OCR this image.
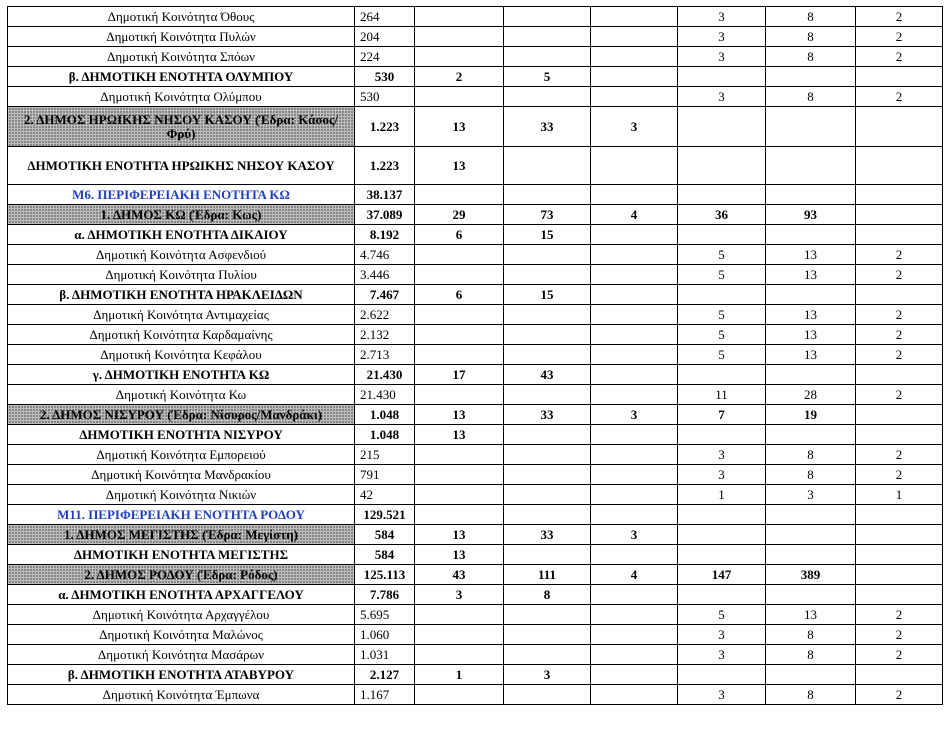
Δημοτική Κοινότητα Όθους	264				3	8	2
Δημοτική Κοινότητα Πυλών	204				3	8	2
Δημοτική Κοινότητα Σπόων	224				3	8	2
β. ΔΗΜΟΤΙΚΗ ΕΝΟΤΗΤΑ ΟΛΥΜΠΟΥ	530	2	5				
Δημοτική Κοινότητα Ολύμπου	530				3	8	2
2. ΔΗΜΟΣ ΗΡΩΙΚΗΣ ΝΗΣΟΥ ΚΑΣΟΥ (Έδρα: Κάσος/Φρύ)	1.223	13	33	3			
ΔΗΜΟΤΙΚΗ ΕΝΟΤΗΤΑ ΗΡΩΙΚΗΣ ΝΗΣΟΥ ΚΑΣΟΥ	1.223	13					
Μ6. ΠΕΡΙΦΕΡΕΙΑΚΗ ΕΝΟΤΗΤΑ ΚΩ	38.137						
1. ΔΗΜΟΣ ΚΩ (Έδρα: Κως)	37.089	29	73	4	36	93	
α. ΔΗΜΟΤΙΚΗ ΕΝΟΤΗΤΑ ΔΙΚΑΙΟΥ	8.192	6	15				
Δημοτική Κοινότητα Ασφενδιού	4.746				5	13	2
Δημοτική Κοινότητα Πυλίου	3.446				5	13	2
β. ΔΗΜΟΤΙΚΗ ΕΝΟΤΗΤΑ ΗΡΑΚΛΕΙΔΩΝ	7.467	6	15				
Δημοτική Κοινότητα Αντιμαχείας	2.622				5	13	2
Δημοτική Κοινότητα Καρδαμαίνης	2.132				5	13	2
Δημοτική Κοινότητα Κεφάλου	2.713				5	13	2
γ. ΔΗΜΟΤΙΚΗ ΕΝΟΤΗΤΑ ΚΩ	21.430	17	43				
Δημοτική Κοινότητα Κω	21.430				11	28	2
2. ΔΗΜΟΣ ΝΙΣΥΡΟΥ (Έδρα: Νίσυρος/Μανδράκι)	1.048	13	33	3	7	19	
ΔΗΜΟΤΙΚΗ ΕΝΟΤΗΤΑ ΝΙΣΥΡΟΥ	1.048	13					
Δημοτική Κοινότητα Εμπορειού	215				3	8	2
Δημοτική Κοινότητα Μανδρακίου	791				3	8	2
Δημοτική Κοινότητα Νικιών	42				1	3	1
Μ11. ΠΕΡΙΦΕΡΕΙΑΚΗ ΕΝΟΤΗΤΑ ΡΟΔΟΥ	129.521						
1. ΔΗΜΟΣ ΜΕΓΙΣΤΗΣ (Έδρα: Μεγίστη)	584	13	33	3			
ΔΗΜΟΤΙΚΗ ΕΝΟΤΗΤΑ ΜΕΓΙΣΤΗΣ	584	13					
2. ΔΗΜΟΣ ΡΟΔΟΥ (Έδρα: Ρόδος)	125.113	43	111	4	147	389	
α. ΔΗΜΟΤΙΚΗ ΕΝΟΤΗΤΑ ΑΡΧΑΓΓΕΛΟΥ	7.786	3	8				
Δημοτική Κοινότητα Αρχαγγέλου	5.695				5	13	2
Δημοτική Κοινότητα Μαλώνος	1.060				3	8	2
Δημοτική Κοινότητα Μασάρων	1.031				3	8	2
β. ΔΗΜΟΤΙΚΗ ΕΝΟΤΗΤΑ ΑΤΑΒΥΡΟΥ	2.127	1	3				
Δημοτική Κοινότητα Έμπωνα	1.167				3	8	2
